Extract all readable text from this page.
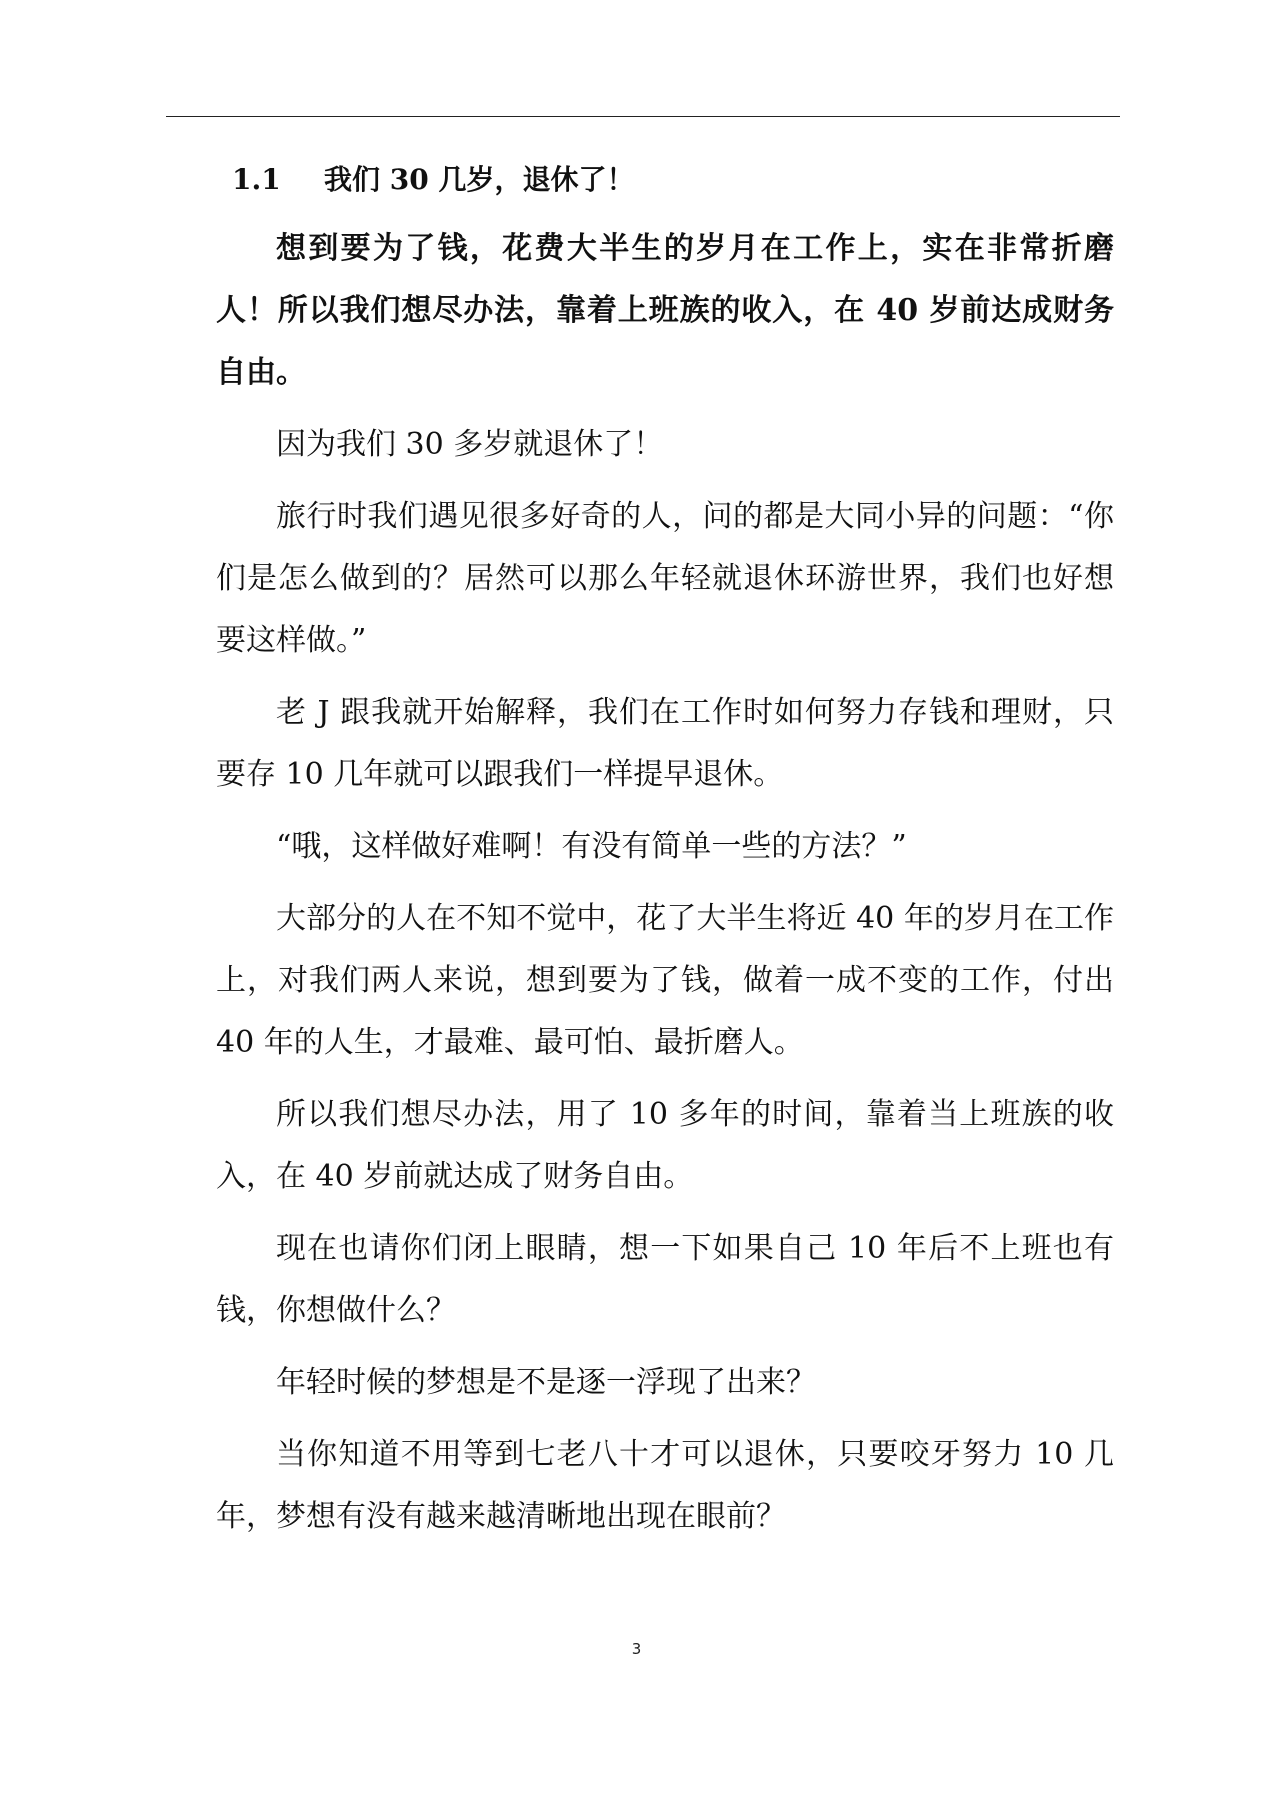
1.1 我们 30 几岁，退休了！

想到要为了钱，花费大半生的岁月在工作上，实在非常折磨人！所以我们想尽办法，靠着上班族的收入，在 40 岁前达成财务自由。

因为我们 30 多岁就退休了！

旅行时我们遇见很多好奇的人，问的都是大同小异的问题：“你们是怎么做到的？居然可以那么年轻就退休环游世界，我们也好想要这样做。”

老 J 跟我就开始解释，我们在工作时如何努力存钱和理财，只要存 10 几年就可以跟我们一样提早退休。

“哦，这样做好难啊！有没有简单一些的方法？”

大部分的人在不知不觉中，花了大半生将近 40 年的岁月在工作上，对我们两人来说，想到要为了钱，做着一成不变的工作，付出 40 年的人生，才最难、最可怕、最折磨人。

所以我们想尽办法，用了 10 多年的时间，靠着当上班族的收入，在 40 岁前就达成了财务自由。

现在也请你们闭上眼睛，想一下如果自己 10 年后不上班也有钱，你想做什么？

年轻时候的梦想是不是逐一浮现了出来？

当你知道不用等到七老八十才可以退休，只要咬牙努力 10 几年，梦想有没有越来越清晰地出现在眼前？

3
